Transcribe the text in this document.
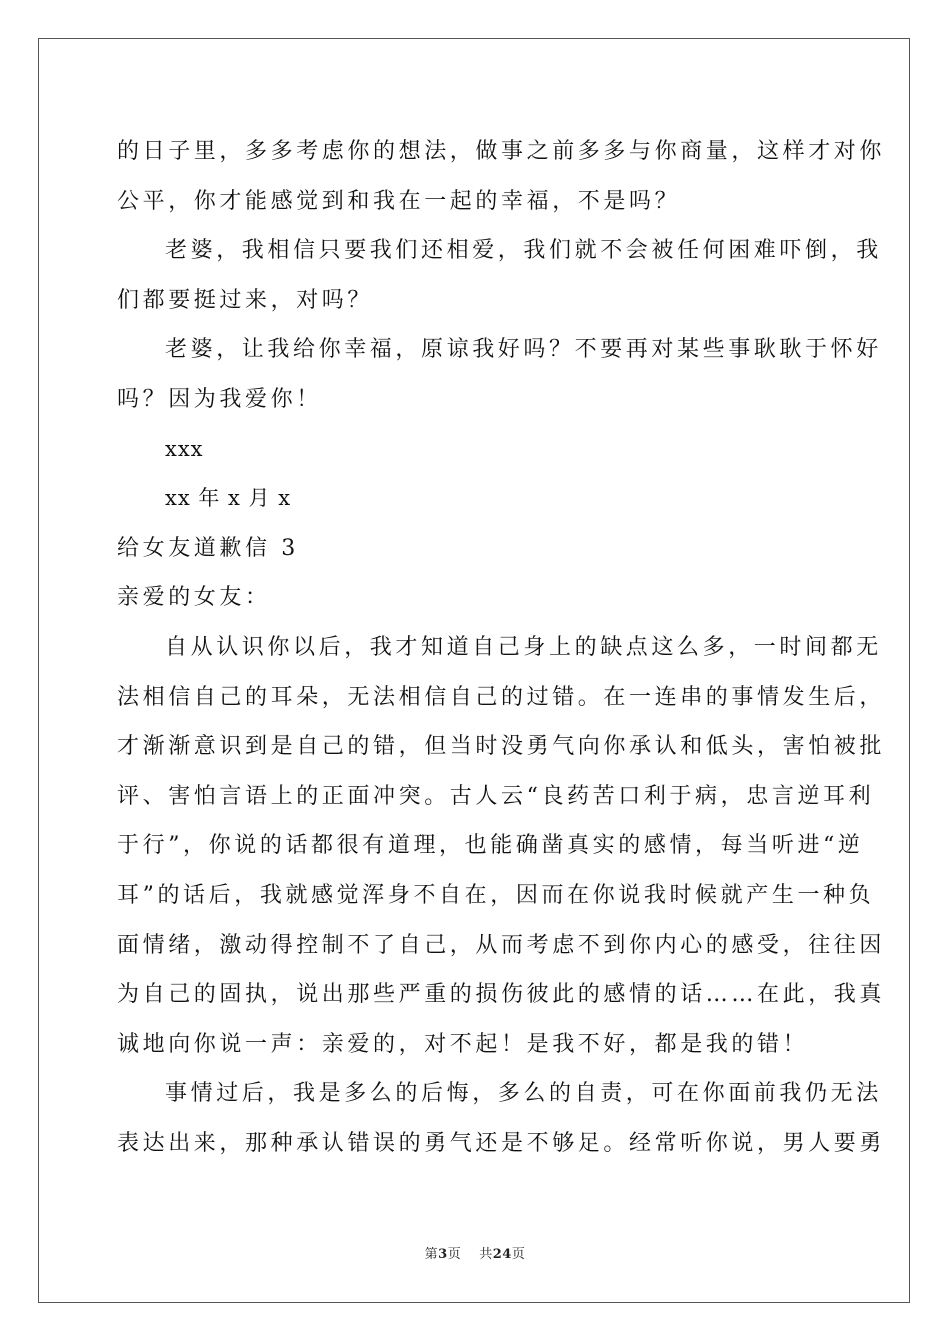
的日子里，多多考虑你的想法，做事之前多多与你商量，这样才对你
公平，你才能感觉到和我在一起的幸福，不是吗？
老婆，我相信只要我们还相爱，我们就不会被任何困难吓倒，我
们都要挺过来，对吗？
老婆，让我给你幸福，原谅我好吗？不要再对某些事耿耿于怀好
吗？因为我爱你！
xxx
xx 年 x 月 x
给女友道歉信 3
亲爱的女友：
自从认识你以后，我才知道自己身上的缺点这么多，一时间都无
法相信自己的耳朵，无法相信自己的过错。在一连串的事情发生后，
才渐渐意识到是自己的错，但当时没勇气向你承认和低头，害怕被批
评、害怕言语上的正面冲突。古人云“良药苦口利于病，忠言逆耳利
于行”，你说的话都很有道理，也能确凿真实的感情，每当听进“逆
耳”的话后，我就感觉浑身不自在，因而在你说我时候就产生一种负
面情绪，激动得控制不了自己，从而考虑不到你内心的感受，往往因
为自己的固执，说出那些严重的损伤彼此的感情的话……在此，我真
诚地向你说一声：亲爱的，对不起！是我不好，都是我的错！
事情过后，我是多么的后悔，多么的自责，可在你面前我仍无法
表达出来，那种承认错误的勇气还是不够足。经常听你说，男人要勇
第3页 共24页
